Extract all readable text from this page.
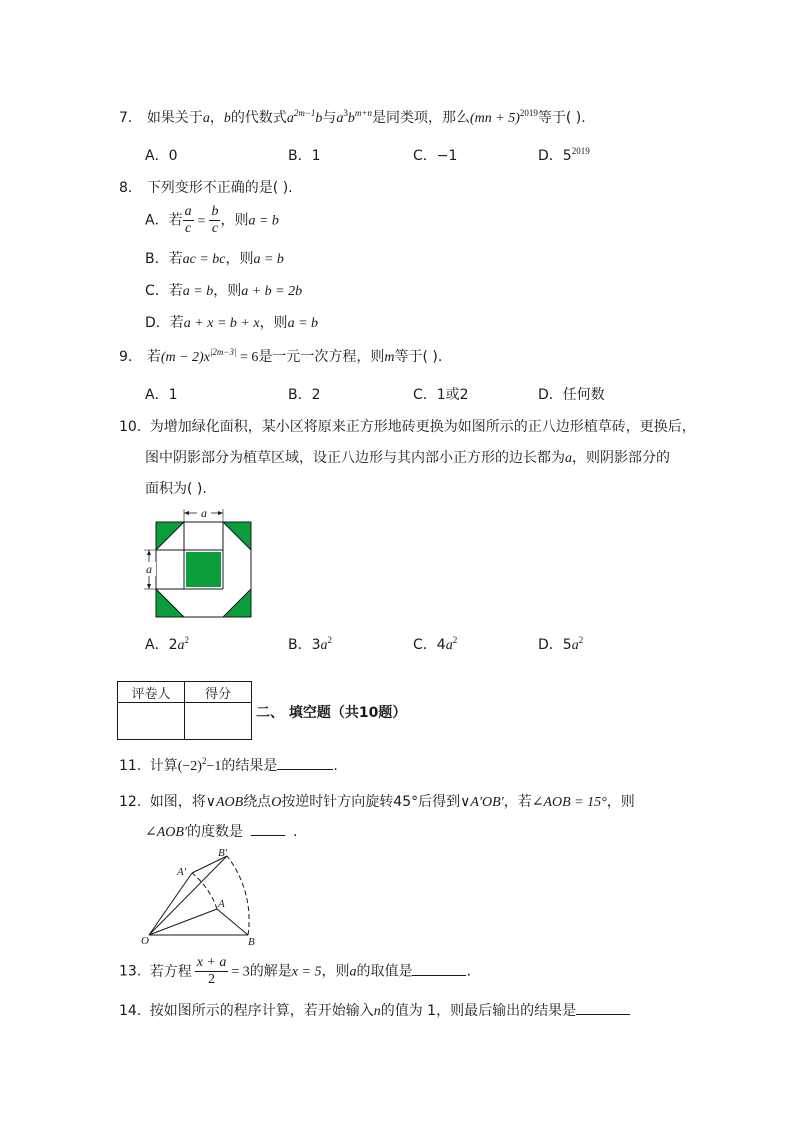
7. 如果关于a，b的代数式$a^{2m-1}b$与$a^3b^{m+n}$是同类项，那么(mn + 5)$^{2019}$等于( ).
A．0	B．1	C．−1	D．$5^{2019}$
8. 下列变形不正确的是( ).
A．若 $\frac{a}{c} = \frac{b}{c}$ ，则a = b
B．若ac = bc，则a = b
C．若a = b，则a + b = 2b
D．若a + x = b + x，则a = b
9. 若$(m - 2)x^{|2m-3|} = 6$是一元一次方程，则m等于( ).
A．1	B．2	C．1或2	D．任何数
10. 为增加绿化面积，某小区将原来正方形地砖更换为如图所示的正八边形植草砖，更换后，
图中阴影部分为植草区域，设正八边形与其内部小正方形的边长都为a，则阴影部分的
面积为( ).
a
a
A．$2a^2$	B．$3a^2$	C．$4a^2$	D．$5a^2$
评卷人	得分

二、 填空题（共10题）
11. 计算$(-2)^2-1$的结果是	.
12. 如图，将∨AOB绕点O按逆时针方向旋转45°后得到∨A′OB′，若∠AOB = 15°，则
∠AOB′的度数是	.
O	B
A
A′
B′
13. 若方程 $\frac{x + a}{2} = 3$的解是x = 5，则a的取值是	.
14. 按如图所示的程序计算，若开始输入n的值为 1，则最后输出的结果是
